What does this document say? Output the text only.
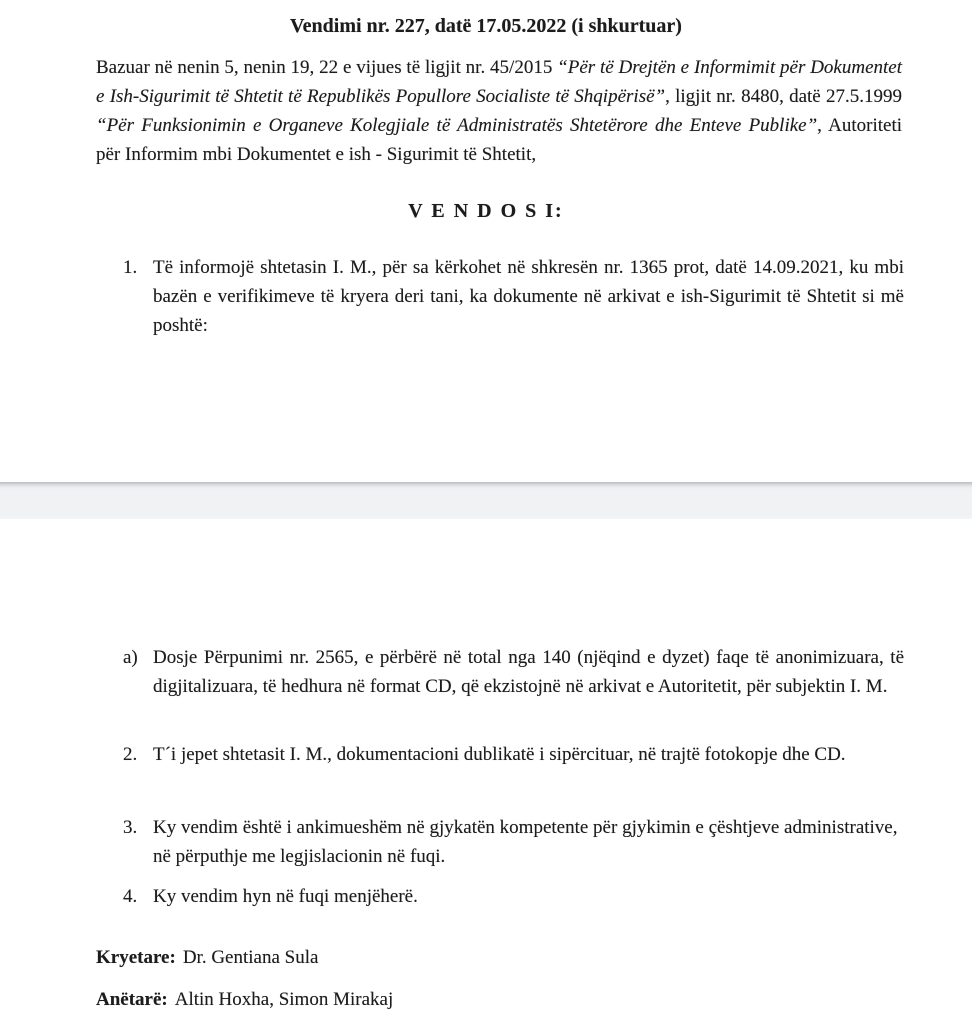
Vendimi nr. 227, datë 17.05.2022 (i shkurtuar)

Bazuar në nenin 5, nenin 19, 22 e vijues të ligjit nr. 45/2015 “Për të Drejtën e Informimit për Dokumentet e Ish-Sigurimit të Shtetit të Republikës Popullore Socialiste të Shqipërisë”, ligjit nr. 8480, datë 27.5.1999 “Për Funksionimin e Organeve Kolegjiale të Administratës Shtetërore dhe Enteve Publike”, Autoriteti për Informim mbi Dokumentet e ish - Sigurimit të Shtetit,

V E N D O S I:
1. Të informojë shtetasin I. M., për sa kërkohet në shkresën nr. 1365 prot, datë 14.09.2021, ku mbi bazën e verifikimeve të kryera deri tani, ka dokumente në arkivat e ish-Sigurimit të Shtetit si më poshtë:
a) Dosje Përpunimi nr. 2565, e përbërë në total nga 140 (njëqind e dyzet) faqe të anonimizuara, të digjitalizuara, të hedhura në format CD, që ekzistojnë në arkivat e Autoritetit, për subjektin I. M.
2. T´i jepet shtetasit I. M., dokumentacioni dublikatë i sipërcituar, në trajtë fotokopje dhe CD.
3. Ky vendim është i ankimueshëm në gjykatën kompetente për gjykimin e çështjeve administrative, në përputhje me legjislacionin në fuqi.
4. Ky vendim hyn në fuqi menjëherë.
Kryetare: Dr. Gentiana Sula
Anëtarë: Altin Hoxha, Simon Mirakaj
